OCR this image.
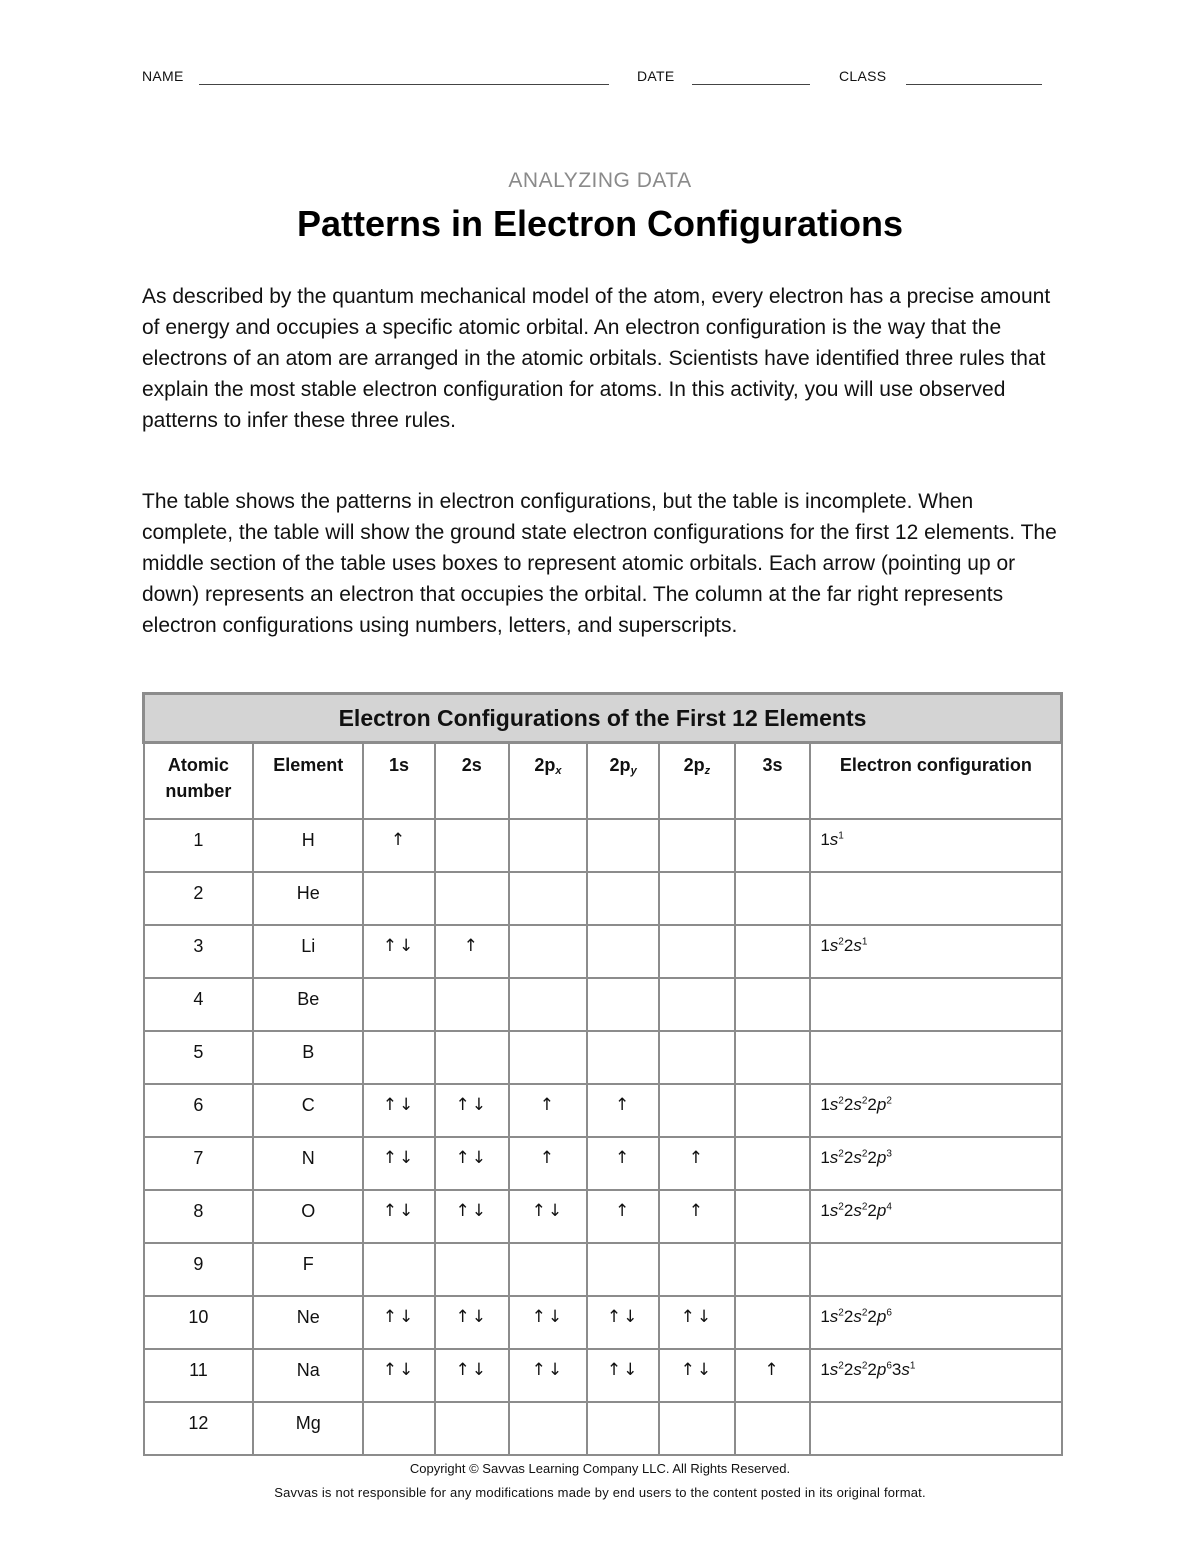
NAME	DATE	CLASS
ANALYZING DATA
Patterns in Electron Configurations

As described by the quantum mechanical model of the atom, every electron has a precise amount of energy and occupies a specific atomic orbital. An electron configuration is the way that the electrons of an atom are arranged in the atomic orbitals. Scientists have identified three rules that explain the most stable electron configuration for atoms. In this activity, you will use observed patterns to infer these three rules.

The table shows the patterns in electron configurations, but the table is incomplete. When complete, the table will show the ground state electron configurations for the first 12 elements. The middle section of the table uses boxes to represent atomic orbitals. Each arrow (pointing up or down) represents an electron that occupies the orbital. The column at the far right represents electron configurations using numbers, letters, and superscripts.

Electron Configurations of the First 12 Elements								
Atomic number	Element	1s	2s	$2p_x$	$2p_y$	$2p_z$	3s	Electron configuration
1	H	↑						$1s^1$
2	He							
3	Li	↑↓	↑					$1s^22s^1$
4	Be							
5	B							
6	C	↑↓	↑↓	↑	↑			$1s^22s^22p^2$
7	N	↑↓	↑↓	↑	↑	↑		$1s^22s^22p^3$
8	O	↑↓	↑↓	↑↓	↑	↑		$1s^22s^22p^4$
9	F							
10	Ne	↑↓	↑↓	↑↓	↑↓	↑↓		$1s^22s^22p^6$
11	Na	↑↓	↑↓	↑↓	↑↓	↑↓	↑	$1s^22s^22p^63s^1$
12	Mg							
Copyright © Savvas Learning Company LLC. All Rights Reserved.
Savvas is not responsible for any modifications made by end users to the content posted in its original format.
